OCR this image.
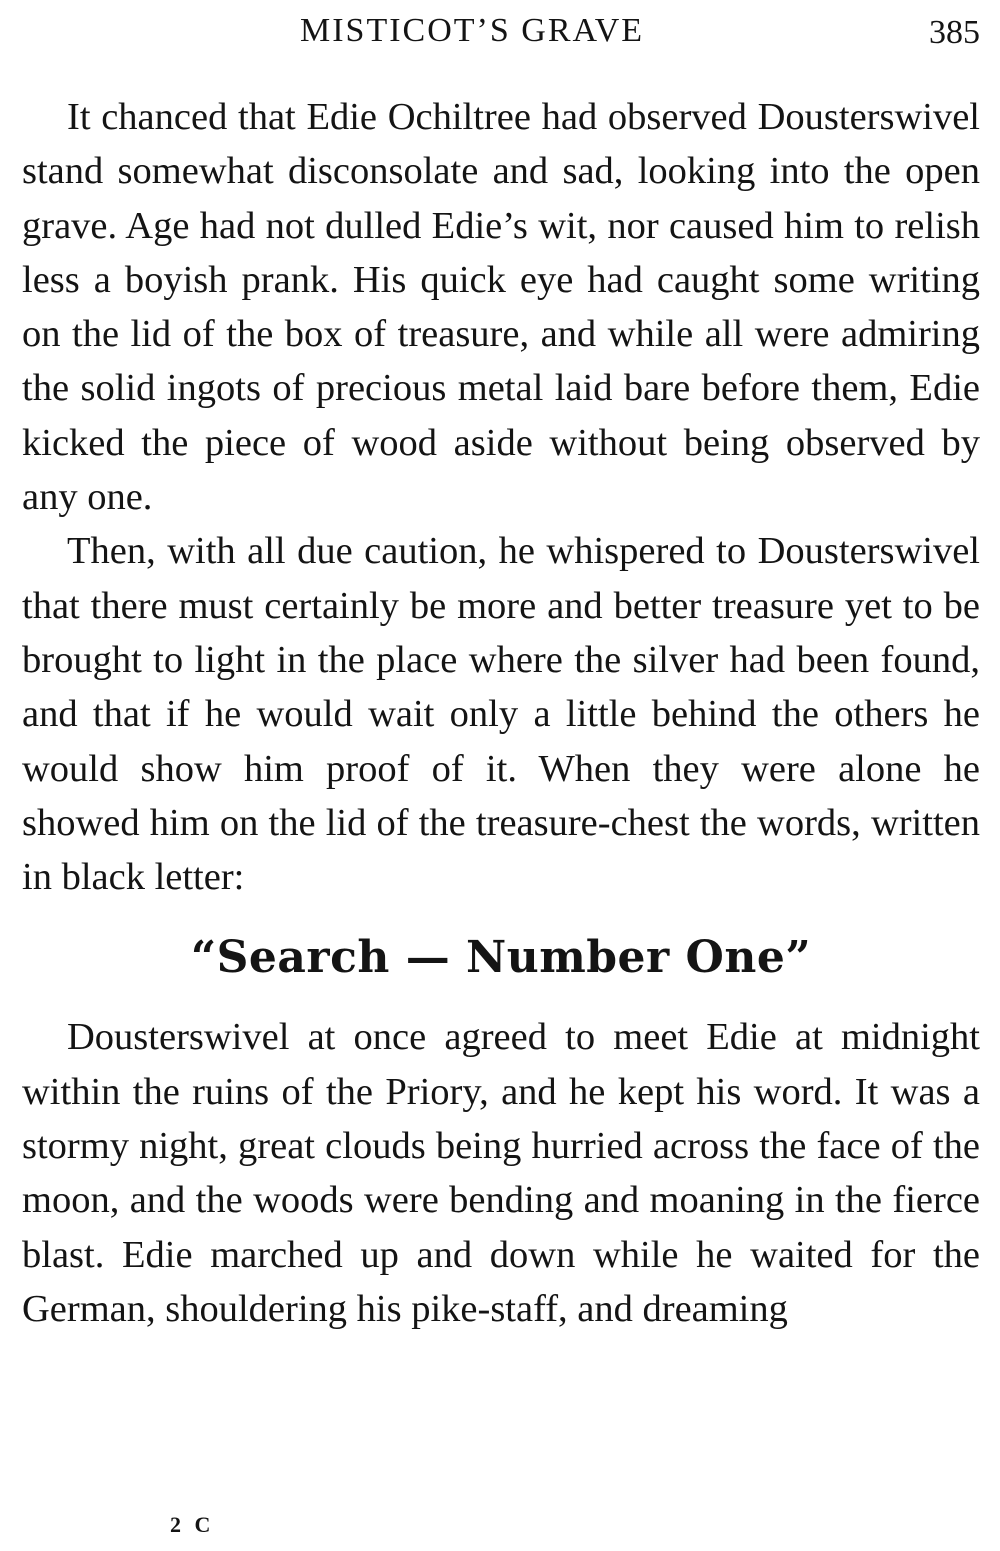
MISTICOT’S GRAVE	385

It chanced that Edie Ochiltree had observed Dousterswivel stand somewhat disconsolate and sad, looking into the open grave. Age had not dulled Edie’s wit, nor caused him to relish less a boyish prank. His quick eye had caught some writing on the lid of the box of treasure, and while all were admiring the solid ingots of precious metal laid bare before them, Edie kicked the piece of wood aside without being observed by any one.

Then, with all due caution, he whispered to Dousterswivel that there must certainly be more and better treasure yet to be brought to light in the place where the silver had been found, and that if he would wait only a little behind the others he would show him proof of it. When they were alone he showed him on the lid of the treasure-chest the words, written in black letter:

“Search — Number One”

Dousterswivel at once agreed to meet Edie at midnight within the ruins of the Priory, and he kept his word. It was a stormy night, great clouds being hurried across the face of the moon, and the woods were bending and moaning in the fierce blast. Edie marched up and down while he waited for the German, shouldering his pike-staff, and dreaming

2 C
